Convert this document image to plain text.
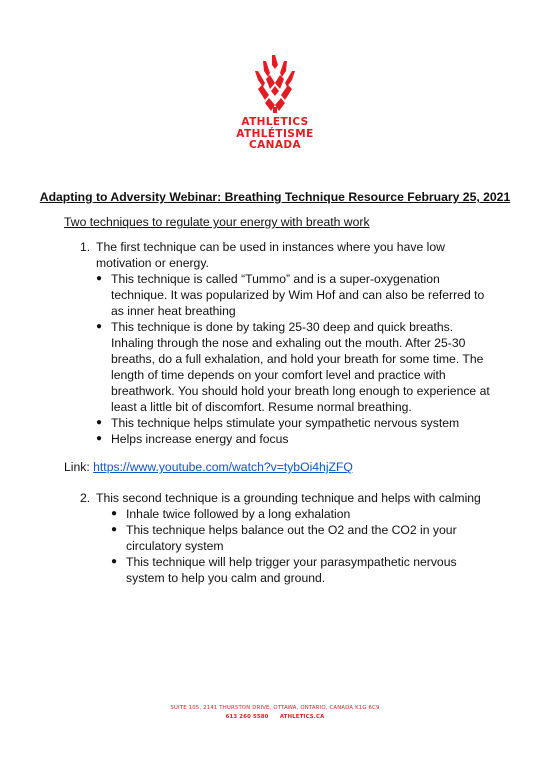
ATHLETICS
ATHLÉTISME
CANADA
Adapting to Adversity Webinar: Breathing Technique Resource February 25, 2021
Two techniques to regulate your energy with breath work
1. The first technique can be used in instances where you have low motivation or energy.
● This technique is called “Tummo” and is a super-oxygenation technique. It was popularized by Wim Hof and can also be referred to as inner heat breathing
● This technique is done by taking 25-30 deep and quick breaths. Inhaling through the nose and exhaling out the mouth. After 25-30 breaths, do a full exhalation, and hold your breath for some time. The length of time depends on your comfort level and practice with breathwork. You should hold your breath long enough to experience at least a little bit of discomfort. Resume normal breathing.
● This technique helps stimulate your sympathetic nervous system
● Helps increase energy and focus
Link: https://www.youtube.com/watch?v=tybOi4hjZFQ
2. This second technique is a grounding technique and helps with calming
● Inhale twice followed by a long exhalation
● This technique helps balance out the O2 and the CO2 in your circulatory system
● This technique will help trigger your parasympathetic nervous system to help you calm and ground.
SUITE 105, 2141 THURSTON DRIVE, OTTAWA, ONTARIO, CANADA K1G 6C9
613 260 5580 ATHLETICS.CA
